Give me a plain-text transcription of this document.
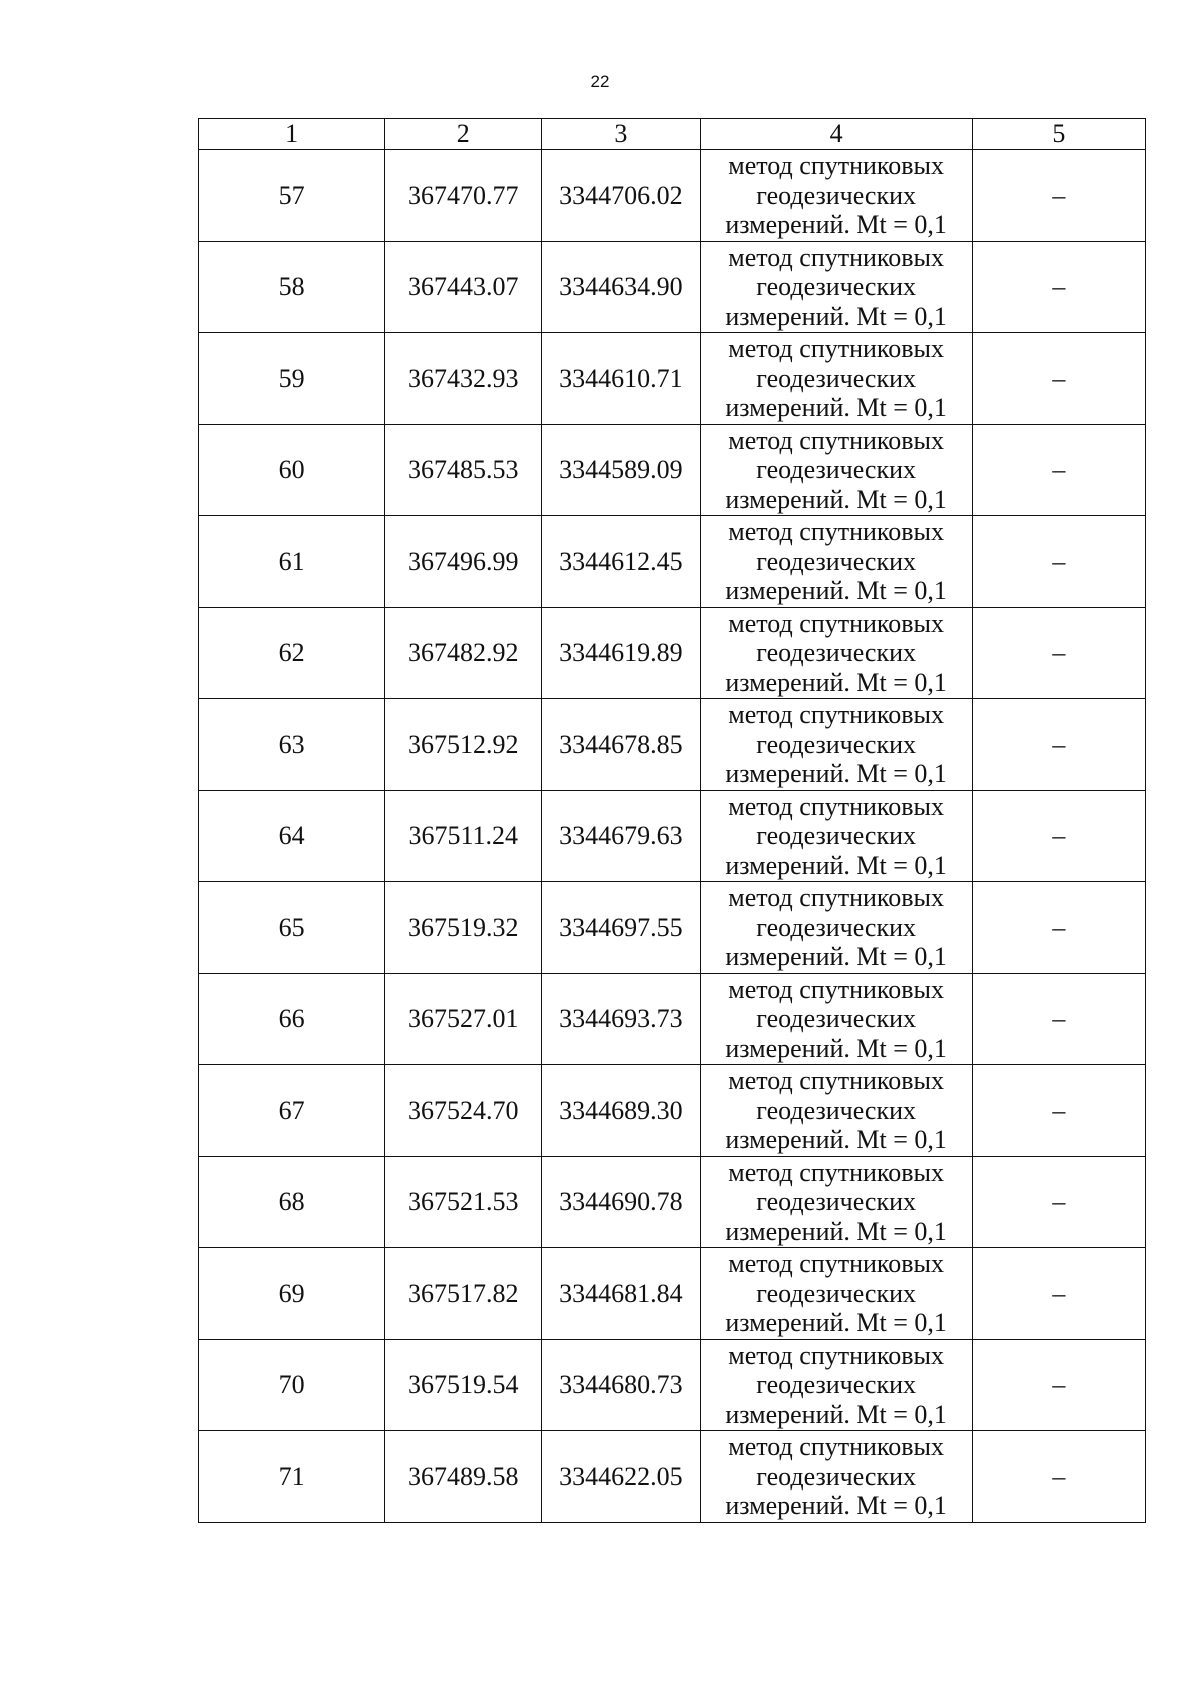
22
1	2	3	4	5
57	367470.77	3344706.02	метод спутниковых
геодезических
измерений. Mt = 0,1	–
58	367443.07	3344634.90	метод спутниковых
геодезических
измерений. Mt = 0,1	–
59	367432.93	3344610.71	метод спутниковых
геодезических
измерений. Mt = 0,1	–
60	367485.53	3344589.09	метод спутниковых
геодезических
измерений. Mt = 0,1	–
61	367496.99	3344612.45	метод спутниковых
геодезических
измерений. Mt = 0,1	–
62	367482.92	3344619.89	метод спутниковых
геодезических
измерений. Mt = 0,1	–
63	367512.92	3344678.85	метод спутниковых
геодезических
измерений. Mt = 0,1	–
64	367511.24	3344679.63	метод спутниковых
геодезических
измерений. Mt = 0,1	–
65	367519.32	3344697.55	метод спутниковых
геодезических
измерений. Mt = 0,1	–
66	367527.01	3344693.73	метод спутниковых
геодезических
измерений. Mt = 0,1	–
67	367524.70	3344689.30	метод спутниковых
геодезических
измерений. Mt = 0,1	–
68	367521.53	3344690.78	метод спутниковых
геодезических
измерений. Mt = 0,1	–
69	367517.82	3344681.84	метод спутниковых
геодезических
измерений. Mt = 0,1	–
70	367519.54	3344680.73	метод спутниковых
геодезических
измерений. Mt = 0,1	–
71	367489.58	3344622.05	метод спутниковых
геодезических
измерений. Mt = 0,1	–
